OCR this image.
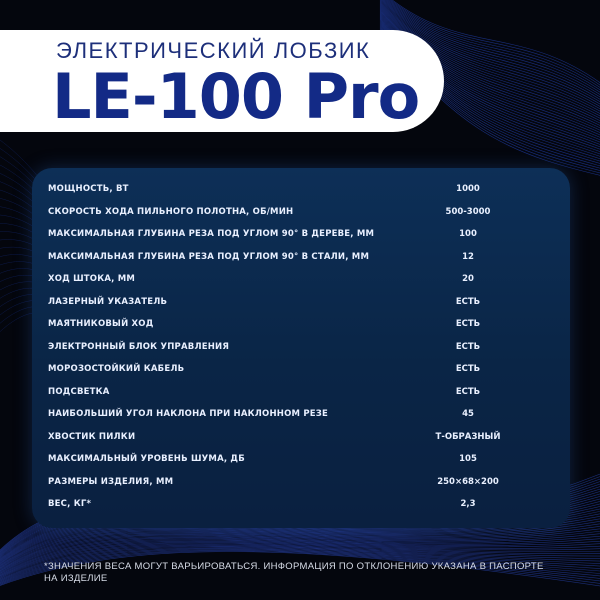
ЭЛЕКТРИЧЕСКИЙ ЛОБЗИК
LE-100 Pro
МОЩНОСТЬ, ВТ	1000
СКОРОСТЬ ХОДА ПИЛЬНОГО ПОЛОТНА, ОБ/МИН	500-3000
МАКСИМАЛЬНАЯ ГЛУБИНА РЕЗА ПОД УГЛОМ 90° В ДЕРЕВЕ, ММ	100
МАКСИМАЛЬНАЯ ГЛУБИНА РЕЗА ПОД УГЛОМ 90° В СТАЛИ, ММ	12
ХОД ШТОКА, ММ	20
ЛАЗЕРНЫЙ УКАЗАТЕЛЬ	ЕСТЬ
МАЯТНИКОВЫЙ ХОД	ЕСТЬ
ЭЛЕКТРОННЫЙ БЛОК УПРАВЛЕНИЯ	ЕСТЬ
МОРОЗОСТОЙКИЙ КАБЕЛЬ	ЕСТЬ
ПОДСВЕТКА	ЕСТЬ
НАИБОЛЬШИЙ УГОЛ НАКЛОНА ПРИ НАКЛОННОМ РЕЗЕ	45
ХВОСТИК ПИЛКИ	Т-ОБРАЗНЫЙ
МАКСИМАЛЬНЫЙ УРОВЕНЬ ШУМА, ДБ	105
РАЗМЕРЫ ИЗДЕЛИЯ, ММ	250×68×200
ВЕС, КГ*	2,3
*ЗНАЧЕНИЯ ВЕСА МОГУТ ВАРЬИРОВАТЬСЯ. ИНФОРМАЦИЯ ПО ОТКЛОНЕНИЮ УКАЗАНА В ПАСПОРТЕ НА ИЗДЕЛИЕ
